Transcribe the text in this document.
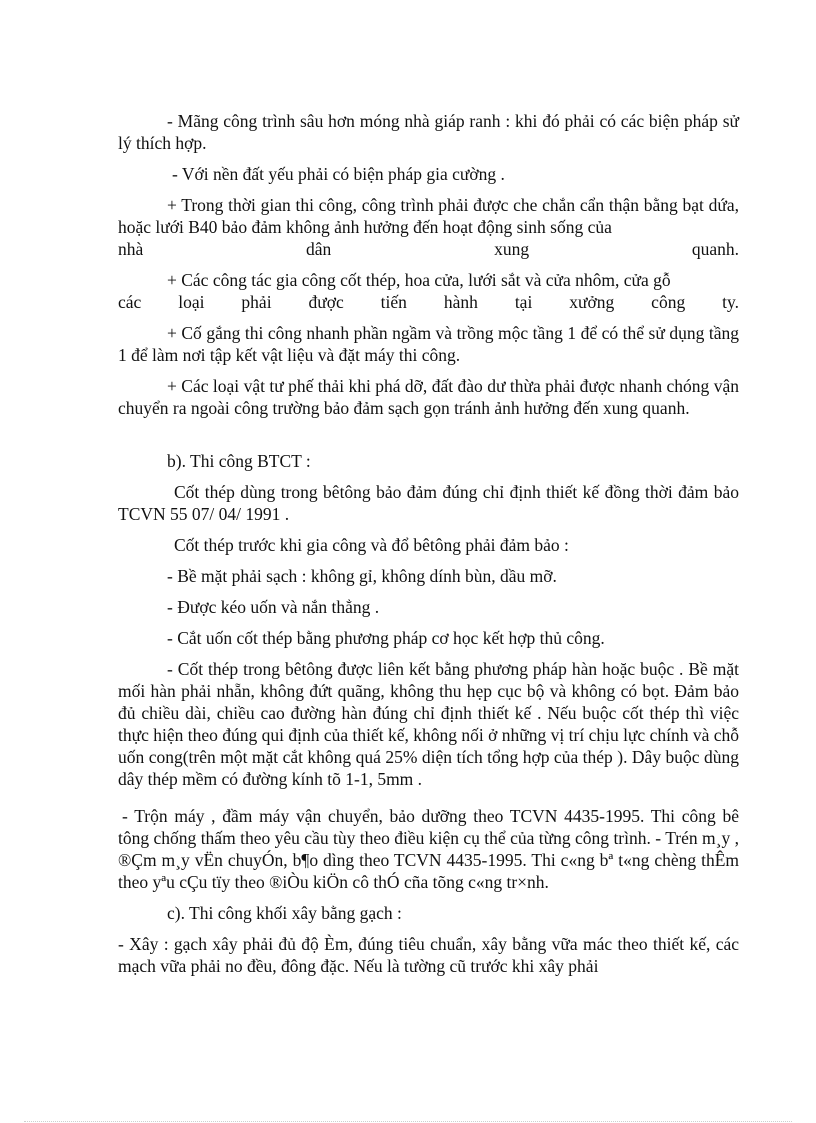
- Mãng công trình sâu hơn móng nhà giáp ranh : khi đó phải có các biện pháp sử lý thích hợp.

- Với nền đất yếu phải có biện pháp gia cường .

+ Trong thời gian thi công, công trình phải được che chắn cẩn thận bằng bạt dứa, hoặc lưới B40 bảo đảm không ảnh hưởng đến hoạt động sinh sống của

nhà dân xung quanh.

+ Các công tác gia công cốt thép, hoa cửa, lưới sắt và cửa nhôm, cửa gỗ

các loại phải được tiến hành tại xưởng công ty.

+ Cố gắng thi công nhanh phần ngầm và trồng mộc tầng 1 để có thể sử dụng tầng 1 để làm nơi tập kết vật liệu và đặt máy thi công.

+ Các loại vật tư phế thải khi phá dỡ, đất đào dư thừa phải được nhanh chóng vận chuyển ra ngoài công trường bảo đảm sạch gọn tránh ảnh hưởng đến xung quanh.

b). Thi công BTCT :

Cốt thép dùng trong bêtông bảo đảm đúng chỉ định thiết kế đồng thời đảm bảo TCVN 55 07/ 04/ 1991 .

Cốt thép trước khi gia công và đổ bêtông phải đảm bảo :

- Bề mặt phải sạch : không gỉ, không dính bùn, dầu mỡ.

- Được kéo uốn và nắn thẳng .

- Cắt uốn cốt thép bằng phương pháp cơ học kết hợp thủ công.

- Cốt thép trong bêtông được liên kết bằng phương pháp hàn hoặc buộc . Bề mặt mối hàn phải nhẵn, không đứt quãng, không thu hẹp cục bộ và không có bọt. Đảm bảo đủ chiều dài, chiều cao đường hàn đúng chỉ định thiết kế . Nếu buộc cốt thép thì việc thực hiện theo đúng qui định của thiết kế, không nối ở những vị trí chịu lực chính và chỗ uốn cong(trên một mặt cắt không quá 25% diện tích tổng hợp của thép ). Dây buộc dùng dây thép mềm có đường kính tõ 1-1, 5mm .

- Trộn máy , đầm máy vận chuyển, bảo dưỡng theo TCVN 4435-1995. Thi công bê tông chống thấm theo yêu cầu tùy theo điều kiện cụ thể của từng công trình. - Trén m¸y , ®Çm m¸y vËn chuyÓn, b¶o dìng theo TCVN 4435-1995. Thi c«ng bª t«ng chèng thÊm theo yªu cÇu tïy theo ®iÒu kiÖn cô thÓ cña tõng c«ng tr×nh.

c). Thi công khối xây bằng gạch :

- Xây : gạch xây phải đủ độ Èm, đúng tiêu chuẩn, xây bằng vữa mác theo thiết kế, các mạch vữa phải no đều, đông đặc. Nếu là tường cũ trước khi xây phải
